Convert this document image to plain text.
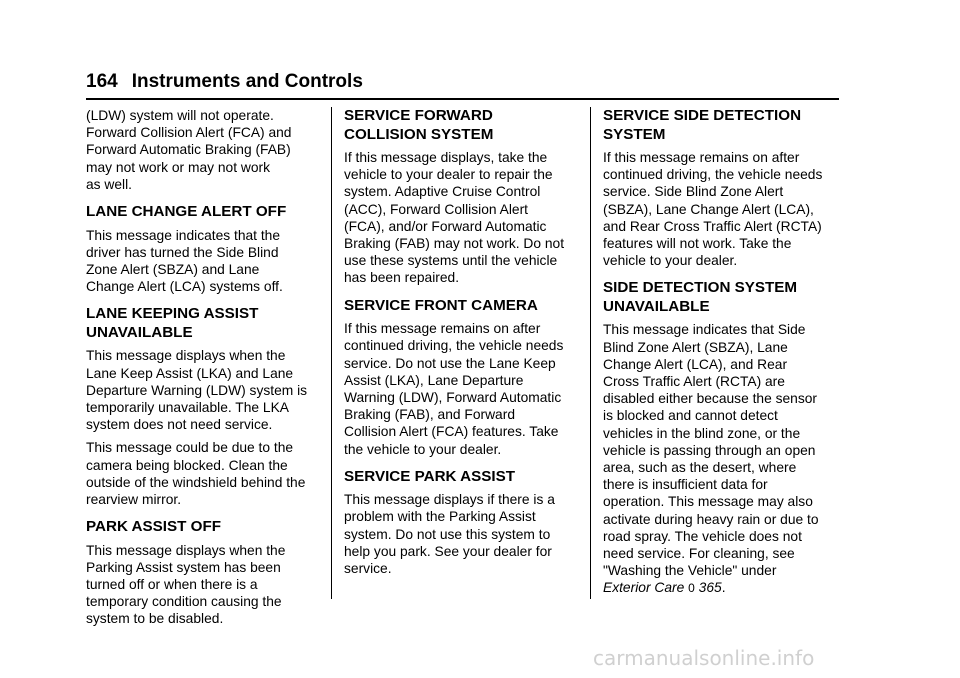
164 Instruments and Controls

(LDW) system will not operate.
Forward Collision Alert (FCA) and
Forward Automatic Braking (FAB)
may not work or may not work
as well.

LANE CHANGE ALERT OFF

This message indicates that the
driver has turned the Side Blind
Zone Alert (SBZA) and Lane
Change Alert (LCA) systems off.

LANE KEEPING ASSIST
UNAVAILABLE

This message displays when the
Lane Keep Assist (LKA) and Lane
Departure Warning (LDW) system is
temporarily unavailable. The LKA
system does not need service.

This message could be due to the
camera being blocked. Clean the
outside of the windshield behind the
rearview mirror.

PARK ASSIST OFF

This message displays when the
Parking Assist system has been
turned off or when there is a
temporary condition causing the
system to be disabled.

SERVICE FORWARD
COLLISION SYSTEM

If this message displays, take the
vehicle to your dealer to repair the
system. Adaptive Cruise Control
(ACC), Forward Collision Alert
(FCA), and/or Forward Automatic
Braking (FAB) may not work. Do not
use these systems until the vehicle
has been repaired.

SERVICE FRONT CAMERA

If this message remains on after
continued driving, the vehicle needs
service. Do not use the Lane Keep
Assist (LKA), Lane Departure
Warning (LDW), Forward Automatic
Braking (FAB), and Forward
Collision Alert (FCA) features. Take
the vehicle to your dealer.

SERVICE PARK ASSIST

This message displays if there is a
problem with the Parking Assist
system. Do not use this system to
help you park. See your dealer for
service.

SERVICE SIDE DETECTION
SYSTEM

If this message remains on after
continued driving, the vehicle needs
service. Side Blind Zone Alert
(SBZA), Lane Change Alert (LCA),
and Rear Cross Traffic Alert (RCTA)
features will not work. Take the
vehicle to your dealer.

SIDE DETECTION SYSTEM
UNAVAILABLE

This message indicates that Side
Blind Zone Alert (SBZA), Lane
Change Alert (LCA), and Rear
Cross Traffic Alert (RCTA) are
disabled either because the sensor
is blocked and cannot detect
vehicles in the blind zone, or the
vehicle is passing through an open
area, such as the desert, where
there is insufficient data for
operation. This message may also
activate during heavy rain or due to
road spray. The vehicle does not
need service. For cleaning, see
"Washing the Vehicle" under

Exterior Care 0 365.

carmanualsonline.info
